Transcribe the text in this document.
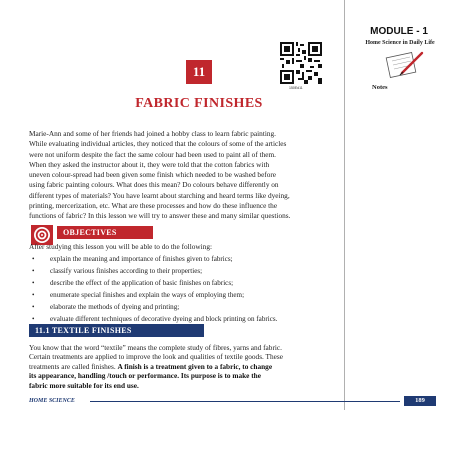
MODULE - 1
Home Science in Daily Life
Notes
150Ed11
11
FABRIC FINISHES
Marie-Ann and some of her friends had joined a hobby class to learn fabric painting.
While evaluating individual articles, they noticed that the colours of some of the articles
were not uniform despite the fact the same colour had been used to paint all of them.
When they asked the instructor about it, they were told that the cotton fabrics with
uneven colour-spread had been given some finish which needed to be washed before
using fabric painting colours. What does this mean? Do colours behave differently on
different types of materials? You have learnt about starching and heard terms like dyeing,
printing, mercerization, etc. What are these processes and how do these influence the
functions of fabric? In this lesson we will try to answer these and many similar questions.
OBJECTIVES
After studying this lesson you will be able to do the following:
• explain the meaning and importance of finishes given to fabrics;
• classify various finishes according to their properties;
• describe the effect of the application of basic finishes on fabrics;
• enumerate special finishes and explain the ways of employing them;
• elaborate the methods of dyeing and printing;
• evaluate different techniques of decorative dyeing and block printing on fabrics.
11.1 TEXTILE FINISHES
You know that the word “textile” means the complete study of fibres, yarns and fabric.
Certain treatments are applied to improve the look and qualities of textile goods. These
treatments are called finishes. A finish is a treatment given to a fabric, to change
its appearance, handling /touch or performance. Its purpose is to make the
fabric more suitable for its end use.
HOME SCIENCE	189
